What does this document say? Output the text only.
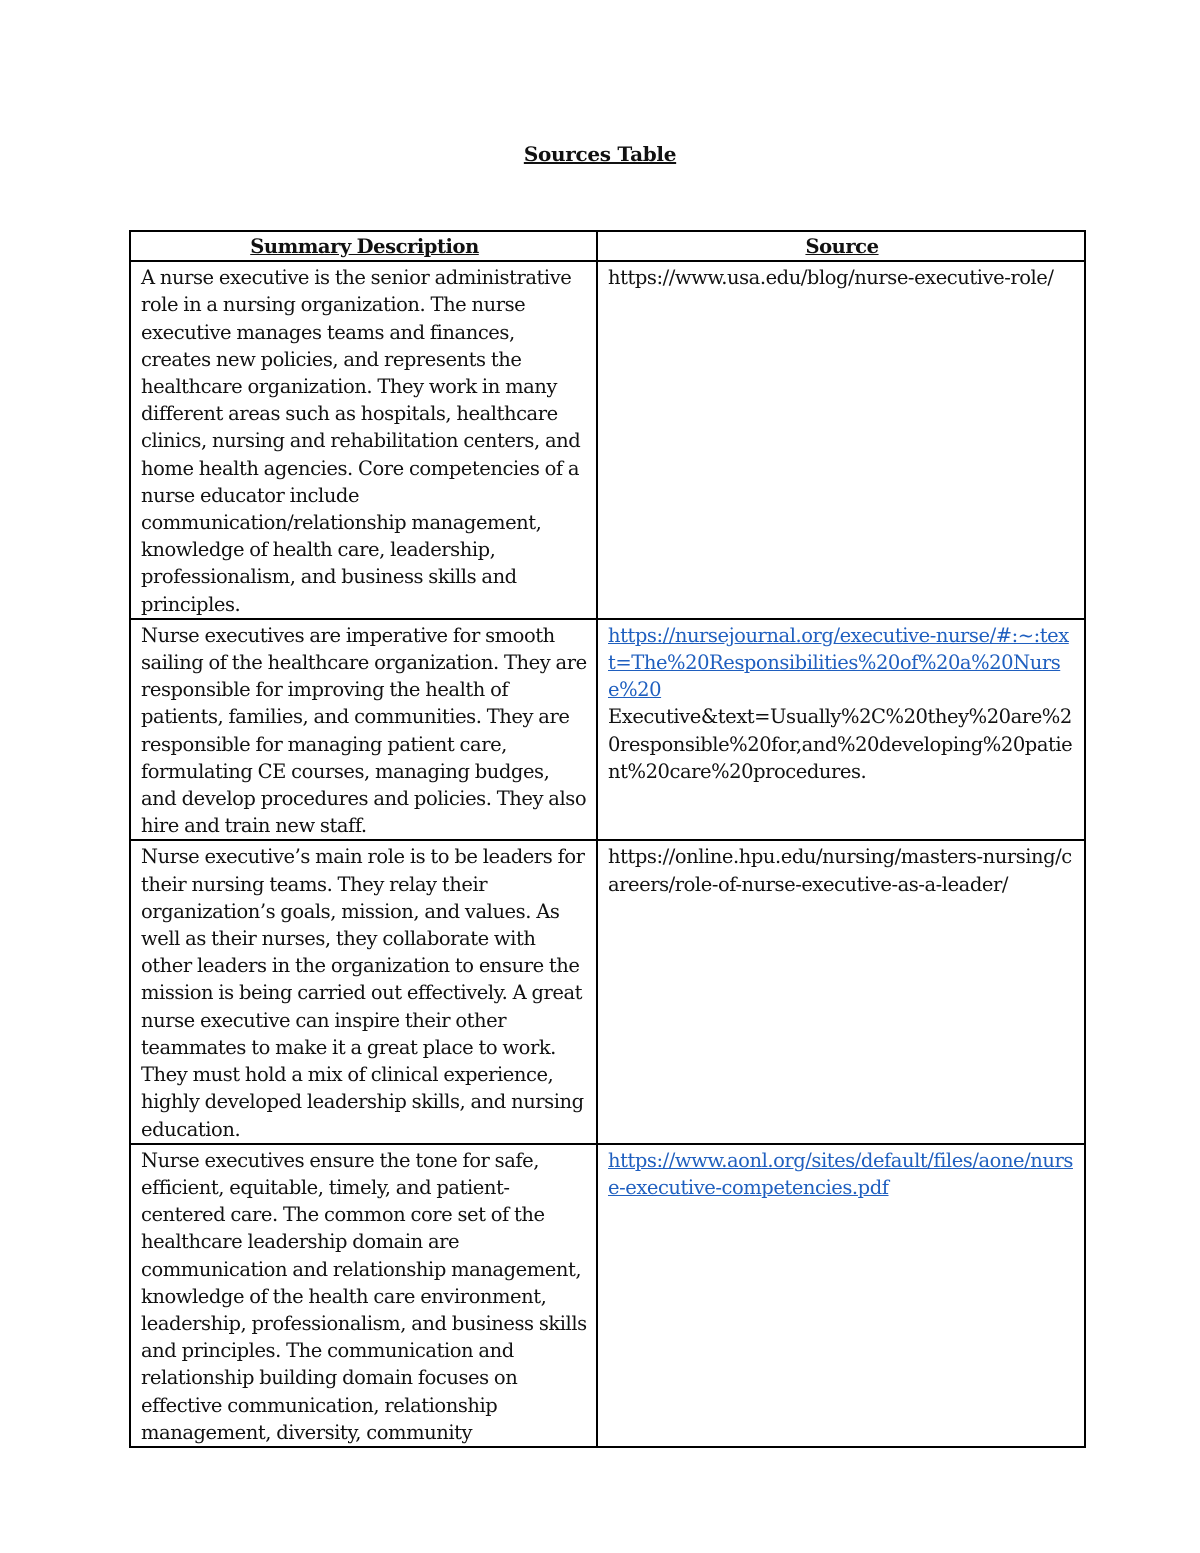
Sources Table
Summary Description	Source
A nurse executive is the senior administrative role in a nursing organization. The nurse executive manages teams and finances, creates new policies, and represents the healthcare organization. They work in many different areas such as hospitals, healthcare clinics, nursing and rehabilitation centers, and home health agencies. Core competencies of a nurse educator include communication/relationship management, knowledge of health care, leadership, professionalism, and business skills and principles.	https://www.usa.edu/blog/nurse-executive-role/
Nurse executives are imperative for smooth sailing of the healthcare organization. They are responsible for improving the health of patients, families, and communities. They are responsible for managing patient care, formulating CE courses, managing budges, and develop procedures and policies. They also hire and train new staff.	https://nursejournal.org/executive-nurse/#:~:text=The%20Responsibilities%20of%20a%20Nurse%20
Executive&text=Usually%2C%20they%20are%20responsible%20for,and%20developing%20patient%20care%20procedures.
Nurse executive’s main role is to be leaders for their nursing teams. They relay their organization’s goals, mission, and values. As well as their nurses, they collaborate with other leaders in the organization to ensure the mission is being carried out effectively. A great nurse executive can inspire their other teammates to make it a great place to work. They must hold a mix of clinical experience, highly developed leadership skills, and nursing education.	https://online.hpu.edu/nursing/masters-nursing/careers/role-of-nurse-executive-as-a-leader/
Nurse executives ensure the tone for safe, efficient, equitable, timely, and patient-centered care. The common core set of the healthcare leadership domain are communication and relationship management, knowledge of the health care environment, leadership, professionalism, and business skills and principles. The communication and relationship building domain focuses on effective communication, relationship management, diversity, community	https://www.aonl.org/sites/default/files/aone/nurse-executive-competencies.pdf
